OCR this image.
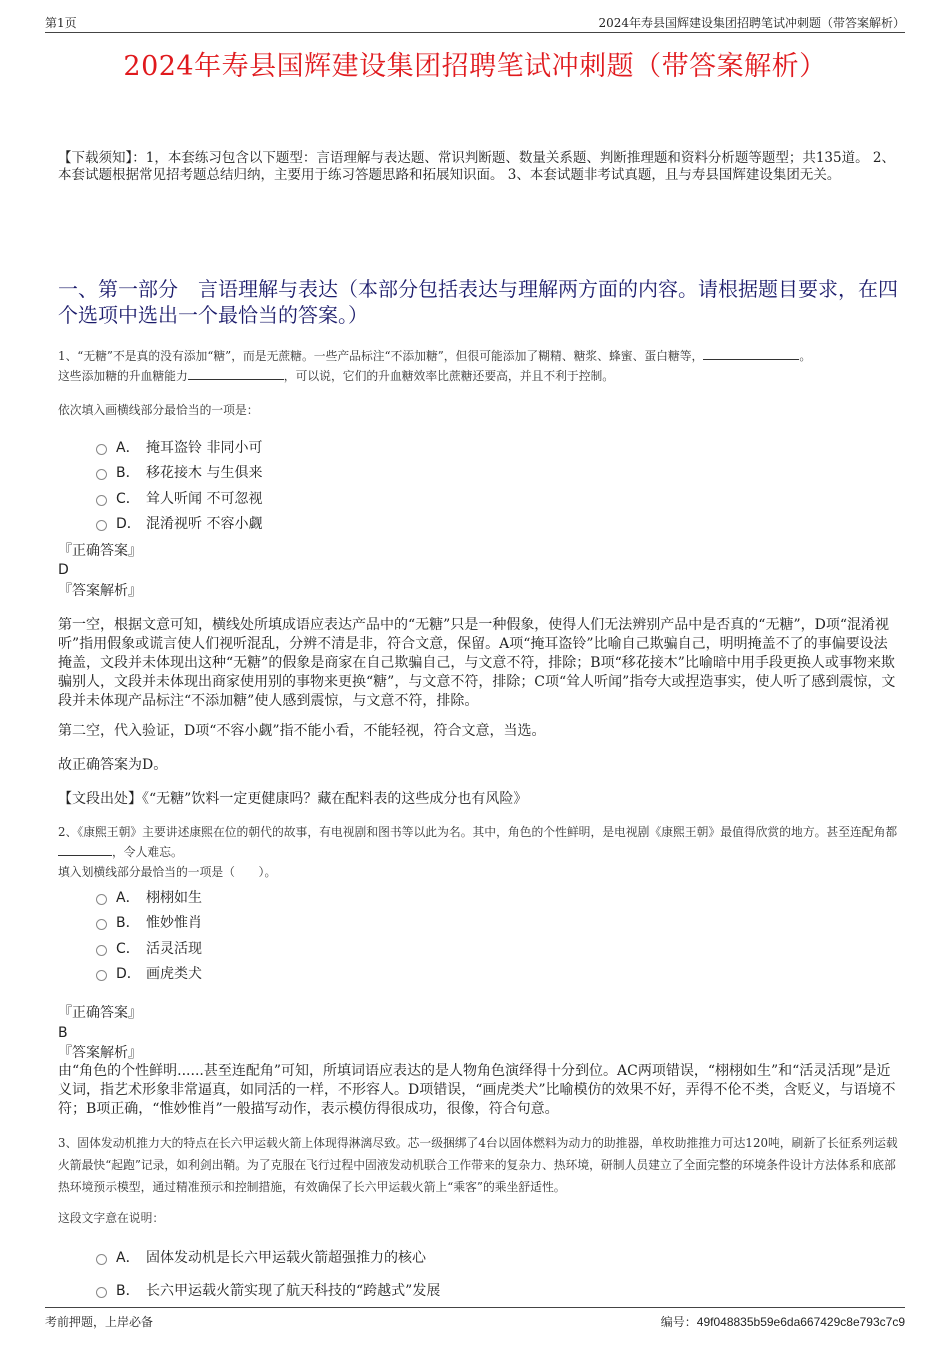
第1页	2024年寿县国辉建设集团招聘笔试冲刺题（带答案解析）
2024年寿县国辉建设集团招聘笔试冲刺题（带答案解析）
【下载须知】：1，本套练习包含以下题型：言语理解与表达题、常识判断题、数量关系题、判断推理题和资料分析题等题型；共135道。 2、本套试题根据常见招考题总结归纳，主要用于练习答题思路和拓展知识面。 3、本套试题非考试真题，且与寿县国辉建设集团无关。
一、第一部分　言语理解与表达（本部分包括表达与理解两方面的内容。请根据题目要求，在四个选项中选出一个最恰当的答案。）
1、“无糖”不是真的没有添加“糖”，而是无蔗糖。一些产品标注“不添加糖”，但很可能添加了糊精、糖浆、蜂蜜、蛋白糖等，	。
这些添加糖的升血糖能力	，可以说，它们的升血糖效率比蔗糖还要高，并且不利于控制。
依次填入画横线部分最恰当的一项是：
A． 掩耳盗铃 非同小可
B． 移花接木 与生俱来
C． 耸人听闻 不可忽视
D． 混淆视听 不容小觑
『正确答案』
D
『答案解析』
第一空，根据文意可知，横线处所填成语应表达产品中的“无糖”只是一种假象，使得人们无法辨别产品中是否真的“无糖”，D项“混淆视听”指用假象或谎言使人们视听混乱，分辨不清是非，符合文意，保留。A项“掩耳盗铃”比喻自己欺骗自己，明明掩盖不了的事偏要设法掩盖，文段并未体现出这种“无糖”的假象是商家在自己欺骗自己，与文意不符，排除；B项“移花接木”比喻暗中用手段更换人或事物来欺骗别人，文段并未体现出商家使用别的事物来更换“糖”，与文意不符，排除；C项“耸人听闻”指夸大或捏造事实，使人听了感到震惊，文段并未体现产品标注“不添加糖”使人感到震惊，与文意不符，排除。
第二空，代入验证，D项“不容小觑”指不能小看，不能轻视，符合文意，当选。
故正确答案为D。
【文段出处】《“无糖”饮料一定更健康吗？藏在配料表的这些成分也有风险》
2、《康熙王朝》主要讲述康熙在位的朝代的故事，有电视剧和图书等以此为名。其中，角色的个性鲜明，是电视剧《康熙王朝》最值得欣赏的地方。甚至连配角都，令人难忘。
填入划横线部分最恰当的一项是（　　）。
A． 栩栩如生
B． 惟妙惟肖
C． 活灵活现
D． 画虎类犬
『正确答案』
B
『答案解析』
由“角色的个性鲜明......甚至连配角”可知，所填词语应表达的是人物角色演绎得十分到位。AC两项错误，“栩栩如生”和“活灵活现”是近义词，指艺术形象非常逼真，如同活的一样，不形容人。D项错误，“画虎类犬”比喻模仿的效果不好，弄得不伦不类，含贬义，与语境不符；B项正确，“惟妙惟肖”一般描写动作，表示模仿得很成功，很像，符合句意。
3、固体发动机推力大的特点在长六甲运载火箭上体现得淋漓尽致。芯一级捆绑了4台以固体燃料为动力的助推器，单枚助推推力可达120吨，刷新了长征系列运载火箭最快“起跑”记录，如利剑出鞘。为了克服在飞行过程中固液发动机联合工作带来的复杂力、热环境，研制人员建立了全面完整的环境条件设计方法体系和底部热环境预示模型，通过精准预示和控制措施，有效确保了长六甲运载火箭上“乘客”的乘坐舒适性。
这段文字意在说明：
A． 固体发动机是长六甲运载火箭超强推力的核心
B． 长六甲运载火箭实现了航天科技的“跨越式”发展
考前押题，上岸必备	编号：49f048835b59e6da667429c8e793c7c9
